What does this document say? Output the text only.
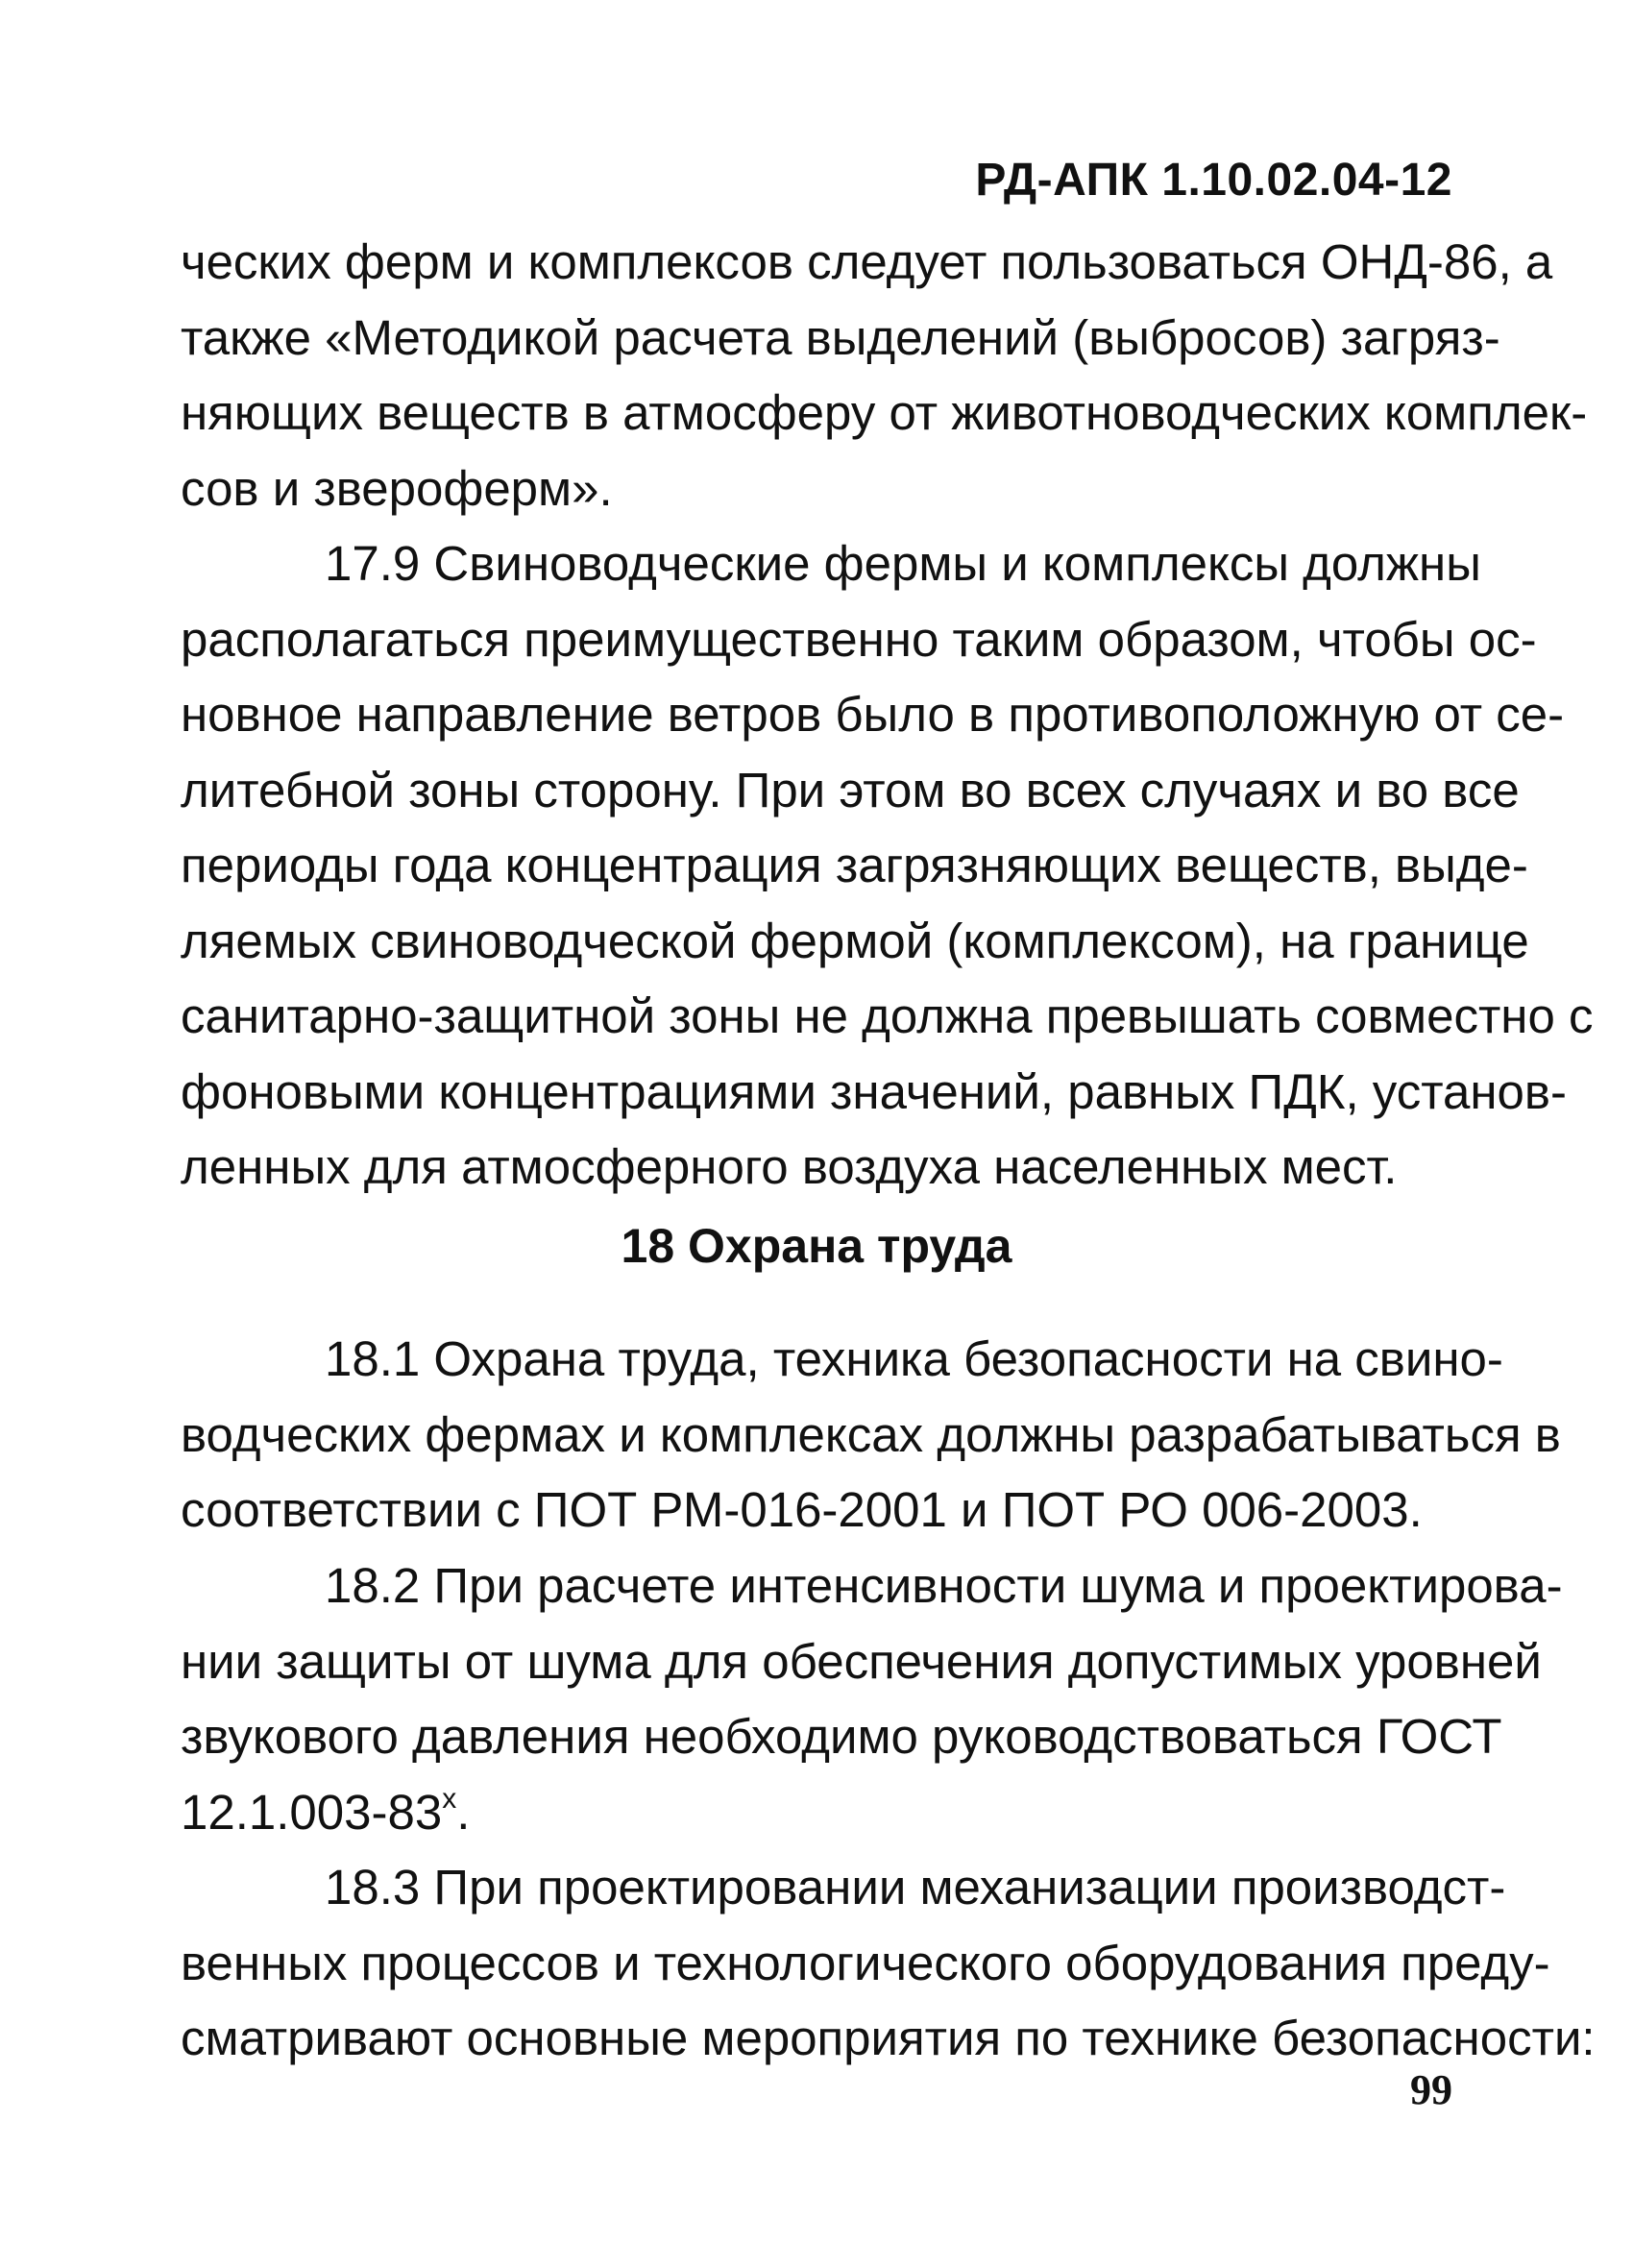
РД-АПК 1.10.02.04-12
ческих ферм и комплексов следует пользоваться ОНД-86, а
также «Методикой расчета выделений (выбросов) загряз-
няющих веществ в атмосферу от животноводческих комплек-
сов и звероферм».
17.9 Свиноводческие фермы и комплексы должны
располагаться преимущественно таким образом, чтобы ос-
новное направление ветров было в противоположную от се-
литебной зоны сторону. При этом во всех случаях и во все
периоды года концентрация загрязняющих веществ, выде-
ляемых свиноводческой фермой (комплексом), на границе
санитарно-защитной зоны не должна превышать совместно с
фоновыми концентрациями значений, равных ПДК, установ-
ленных для атмосферного воздуха населенных мест.
18 Охрана труда
18.1 Охрана труда, техника безопасности на свино-
водческих фермах и комплексах должны разрабатываться в
соответствии с ПОТ РМ-016-2001 и ПОТ РО 006-2003.
18.2 При расчете интенсивности шума и проектирова-
нии защиты от шума для обеспечения допустимых уровней
звукового давления необходимо руководствоваться ГОСТ
12.1.003-83$^x$.
18.3 При проектировании механизации производст-
венных процессов и технологического оборудования преду-
сматривают основные мероприятия по технике безопасности:
99
